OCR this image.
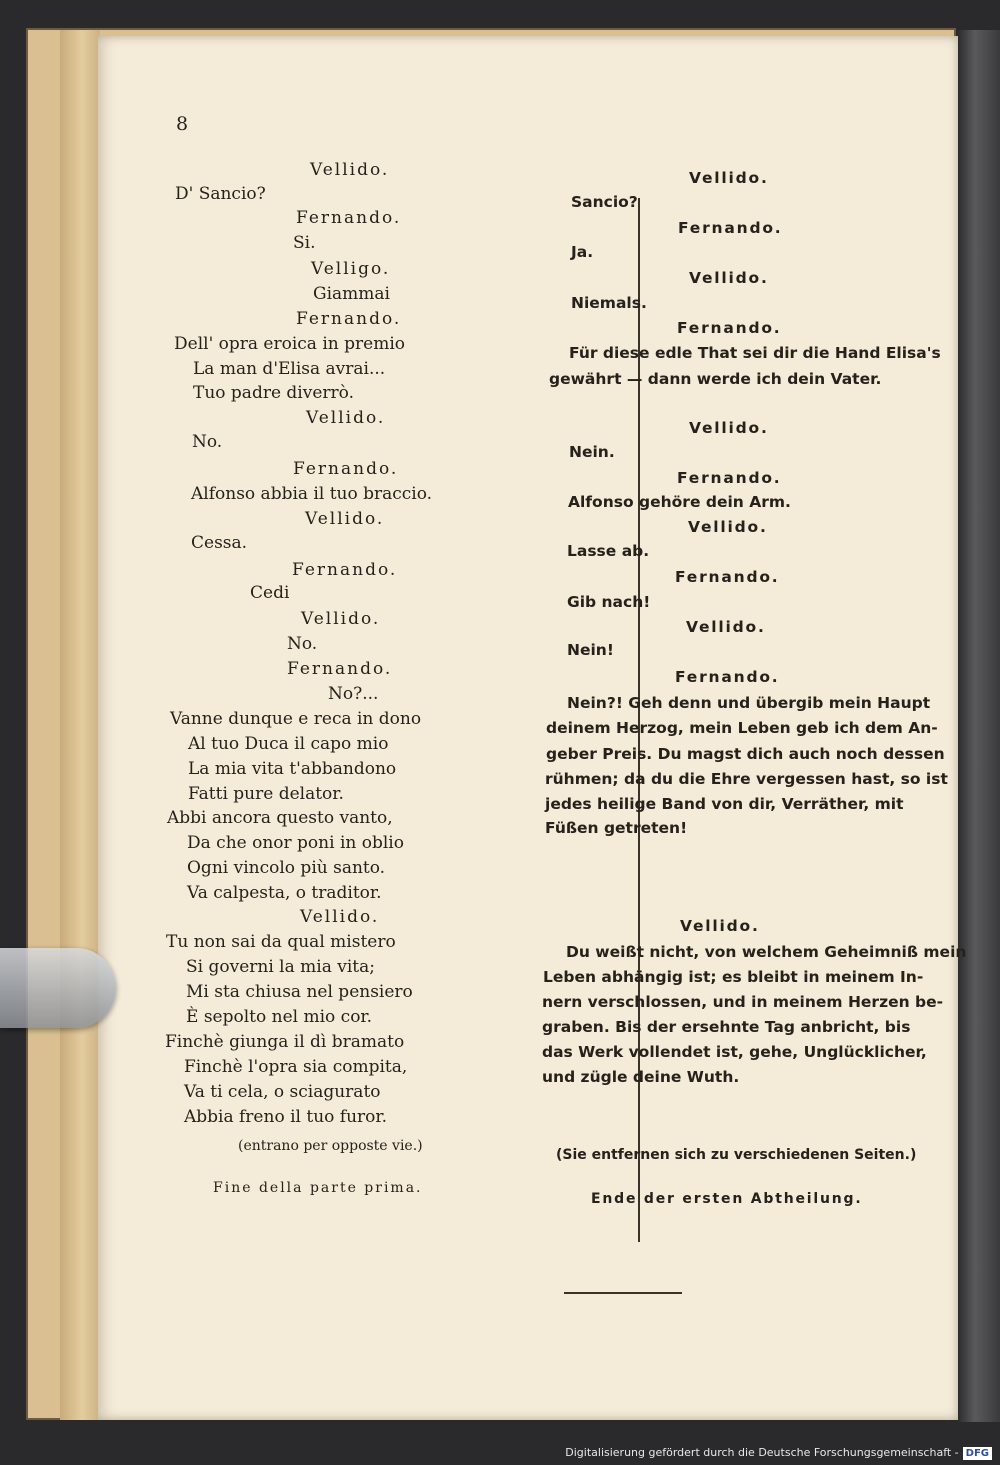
8
Vellido.
D' Sancio?
Fernando.
Si.
Velligo.
Giammai
Fernando.
Dell' opra eroica in premio
La man d'Elisa avrai...
Tuo padre diverrò.
Vellido.
No.
Fernando.
Alfonso abbia il tuo braccio.
Vellido.
Cessa.
Fernando.
Cedi
Vellido.
No.
Fernando.
No?...
Vanne dunque e reca in dono
Al tuo Duca il capo mio
La mia vita t'abbandono
Fatti pure delator.
Abbi ancora questo vanto,
Da che onor poni in oblio
Ogni vincolo più santo.
Va calpesta, o traditor.
Vellido.
Tu non sai da qual mistero
Si governi la mia vita;
Mi sta chiusa nel pensiero
È sepolto nel mio cor.
Finchè giunga il dì bramato
Finchè l'opra sia compita,
Va ti cela, o sciagurato
Abbia freno il tuo furor.
(entrano per opposte vie.)
Fine della parte prima.
Vellido.
Sancio?
Fernando.
Ja.
Vellido.
Niemals.
Fernando.
Für diese edle That sei dir die Hand Elisa's
gewährt — dann werde ich dein Vater.
Vellido.
Nein.
Fernando.
Alfonso gehöre dein Arm.
Vellido.
Lasse ab.
Fernando.
Gib nach!
Vellido.
Nein!
Fernando.
Nein?! Geh denn und übergib mein Haupt
deinem Herzog, mein Leben geb ich dem An-
geber Preis. Du magst dich auch noch dessen
rühmen; da du die Ehre vergessen hast, so ist
jedes heilige Band von dir, Verräther, mit
Füßen getreten!
Vellido.
Du weißt nicht, von welchem Geheimniß mein
Leben abhängig ist; es bleibt in meinem In-
nern verschlossen, und in meinem Herzen be-
graben. Bis der ersehnte Tag anbricht, bis
das Werk vollendet ist, gehe, Unglücklicher,
und zügle deine Wuth.
(Sie entfernen sich zu verschiedenen Seiten.)
Ende der ersten Abtheilung.
Digitalisierung gefördert durch die Deutsche Forschungsgemeinschaft - DFG
